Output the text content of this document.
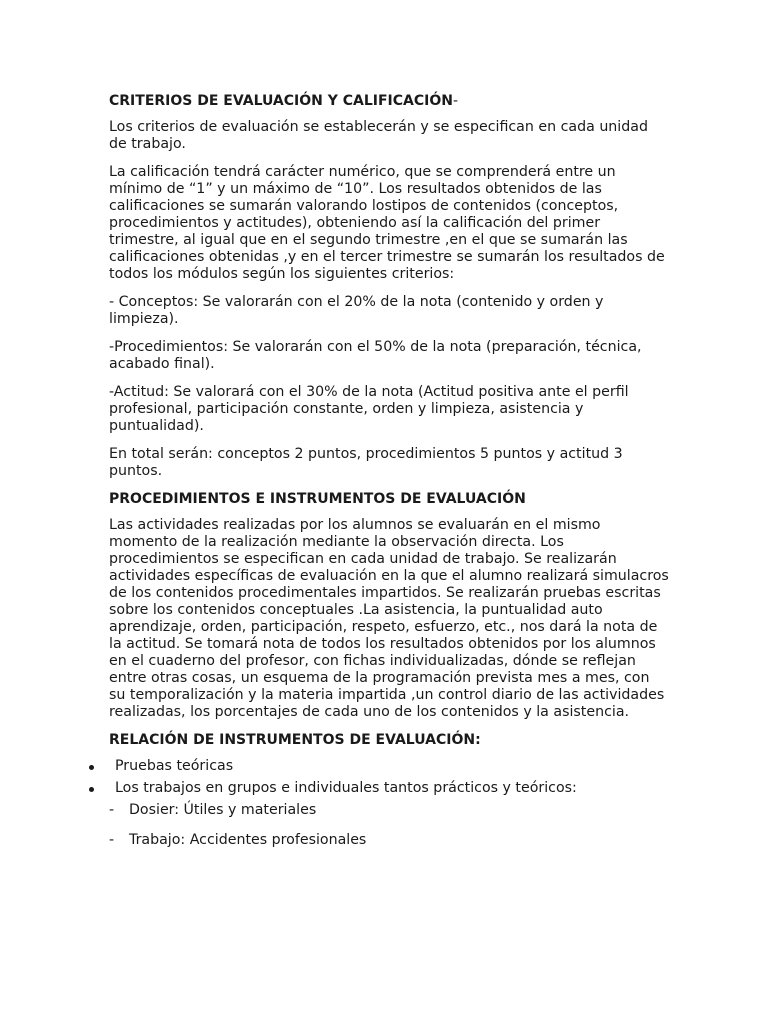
CRITERIOS DE EVALUACIÓN Y CALIFICACIÓN-
Los criterios de evaluación se establecerán y se especifican en cada unidad de trabajo.
La calificación tendrá carácter numérico, que se comprenderá entre un mínimo de “1” y un máximo de “10”. Los resultados obtenidos de las calificaciones se sumarán valorando lostipos de contenidos (conceptos, procedimientos y actitudes), obteniendo así la calificación del primer trimestre, al igual que en el segundo trimestre ,en el que se sumarán las calificaciones obtenidas ,y en el tercer trimestre se sumarán los resultados de todos los módulos según los siguientes criterios:
- Conceptos: Se valorarán con el 20% de la nota (contenido y orden y limpieza).
-Procedimientos: Se valorarán con el 50% de la nota (preparación, técnica, acabado final).
-Actitud: Se valorará con el 30% de la nota (Actitud positiva ante el perfil profesional, participación constante, orden y limpieza, asistencia y puntualidad).
En total serán: conceptos 2 puntos, procedimientos 5 puntos y actitud 3 puntos.
PROCEDIMIENTOS E INSTRUMENTOS DE EVALUACIÓN
Las actividades realizadas por los alumnos se evaluarán en el mismo momento de la realización mediante la observación directa. Los procedimientos se especifican en cada unidad de trabajo. Se realizarán actividades específicas de evaluación en la que el alumno realizará simulacros de los contenidos procedimentales impartidos. Se realizarán pruebas escritas sobre los contenidos conceptuales .La asistencia, la puntualidad auto aprendizaje, orden, participación, respeto, esfuerzo, etc., nos dará la nota de la actitud. Se tomará nota de todos los resultados obtenidos por los alumnos en el cuaderno del profesor, con fichas individualizadas, dónde se reflejan entre otras cosas, un esquema de la programación prevista mes a mes, con su temporalización y la materia impartida ,un control diario de las actividades realizadas, los porcentajes de cada uno de los contenidos y la asistencia.
RELACIÓN DE INSTRUMENTOS DE EVALUACIÓN:
Pruebas teóricas
Los trabajos en grupos e individuales tantos prácticos y teóricos:
- Dosier: Útiles y materiales
- Trabajo: Accidentes profesionales
